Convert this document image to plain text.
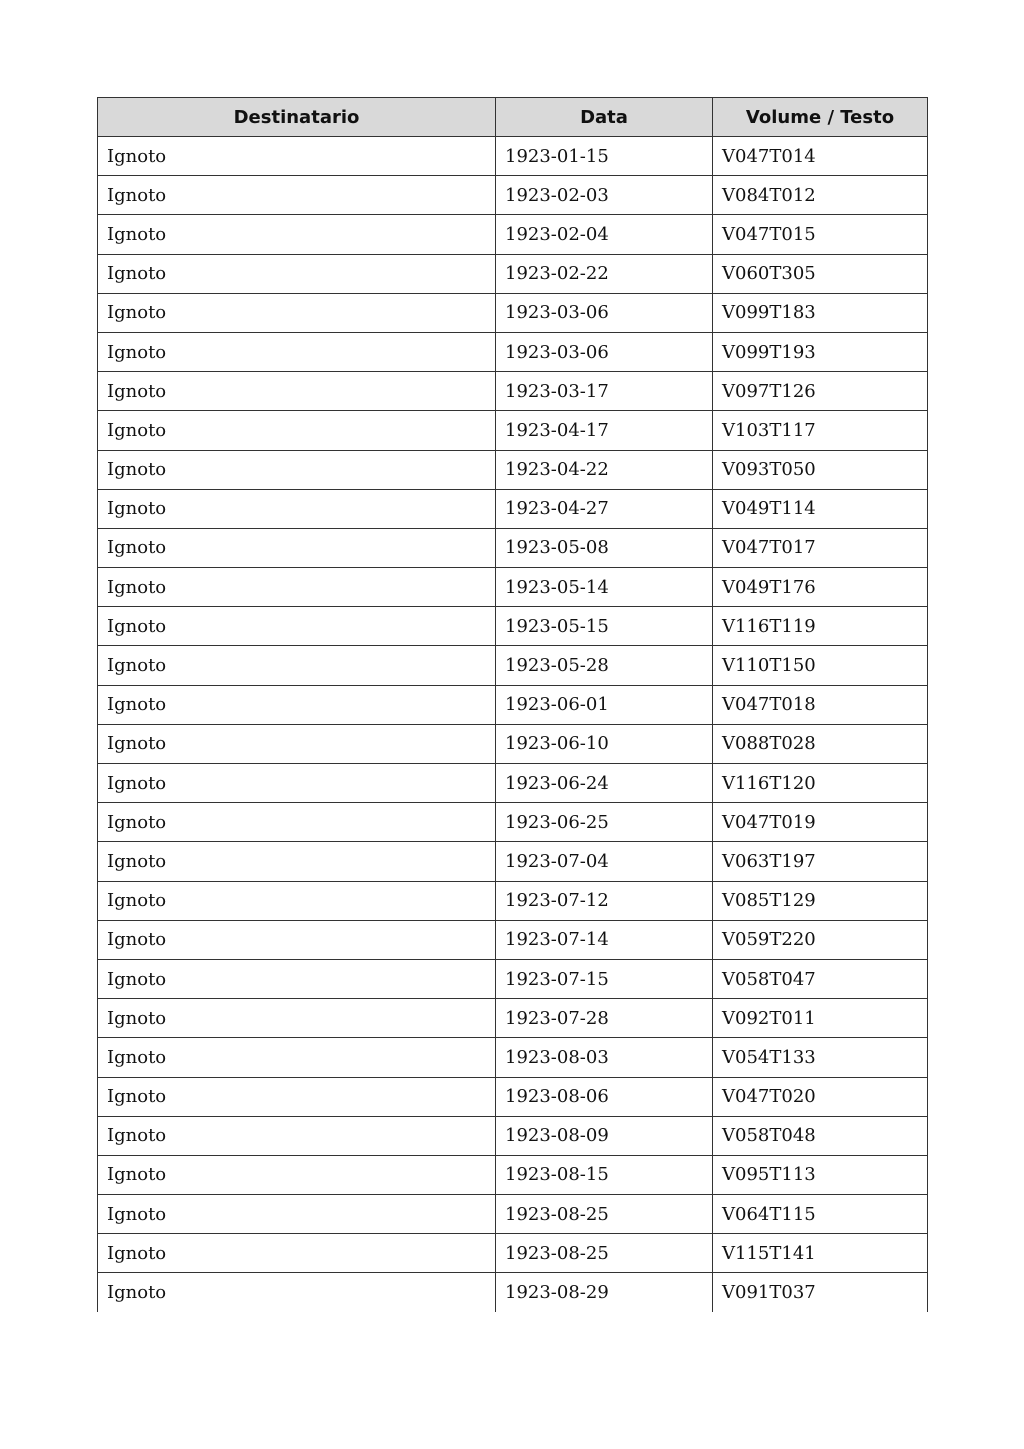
Destinatario	Data	Volume / Testo
Ignoto	1923-01-15	V047T014
Ignoto	1923-02-03	V084T012
Ignoto	1923-02-04	V047T015
Ignoto	1923-02-22	V060T305
Ignoto	1923-03-06	V099T183
Ignoto	1923-03-06	V099T193
Ignoto	1923-03-17	V097T126
Ignoto	1923-04-17	V103T117
Ignoto	1923-04-22	V093T050
Ignoto	1923-04-27	V049T114
Ignoto	1923-05-08	V047T017
Ignoto	1923-05-14	V049T176
Ignoto	1923-05-15	V116T119
Ignoto	1923-05-28	V110T150
Ignoto	1923-06-01	V047T018
Ignoto	1923-06-10	V088T028
Ignoto	1923-06-24	V116T120
Ignoto	1923-06-25	V047T019
Ignoto	1923-07-04	V063T197
Ignoto	1923-07-12	V085T129
Ignoto	1923-07-14	V059T220
Ignoto	1923-07-15	V058T047
Ignoto	1923-07-28	V092T011
Ignoto	1923-08-03	V054T133
Ignoto	1923-08-06	V047T020
Ignoto	1923-08-09	V058T048
Ignoto	1923-08-15	V095T113
Ignoto	1923-08-25	V064T115
Ignoto	1923-08-25	V115T141
Ignoto	1923-08-29	V091T037
